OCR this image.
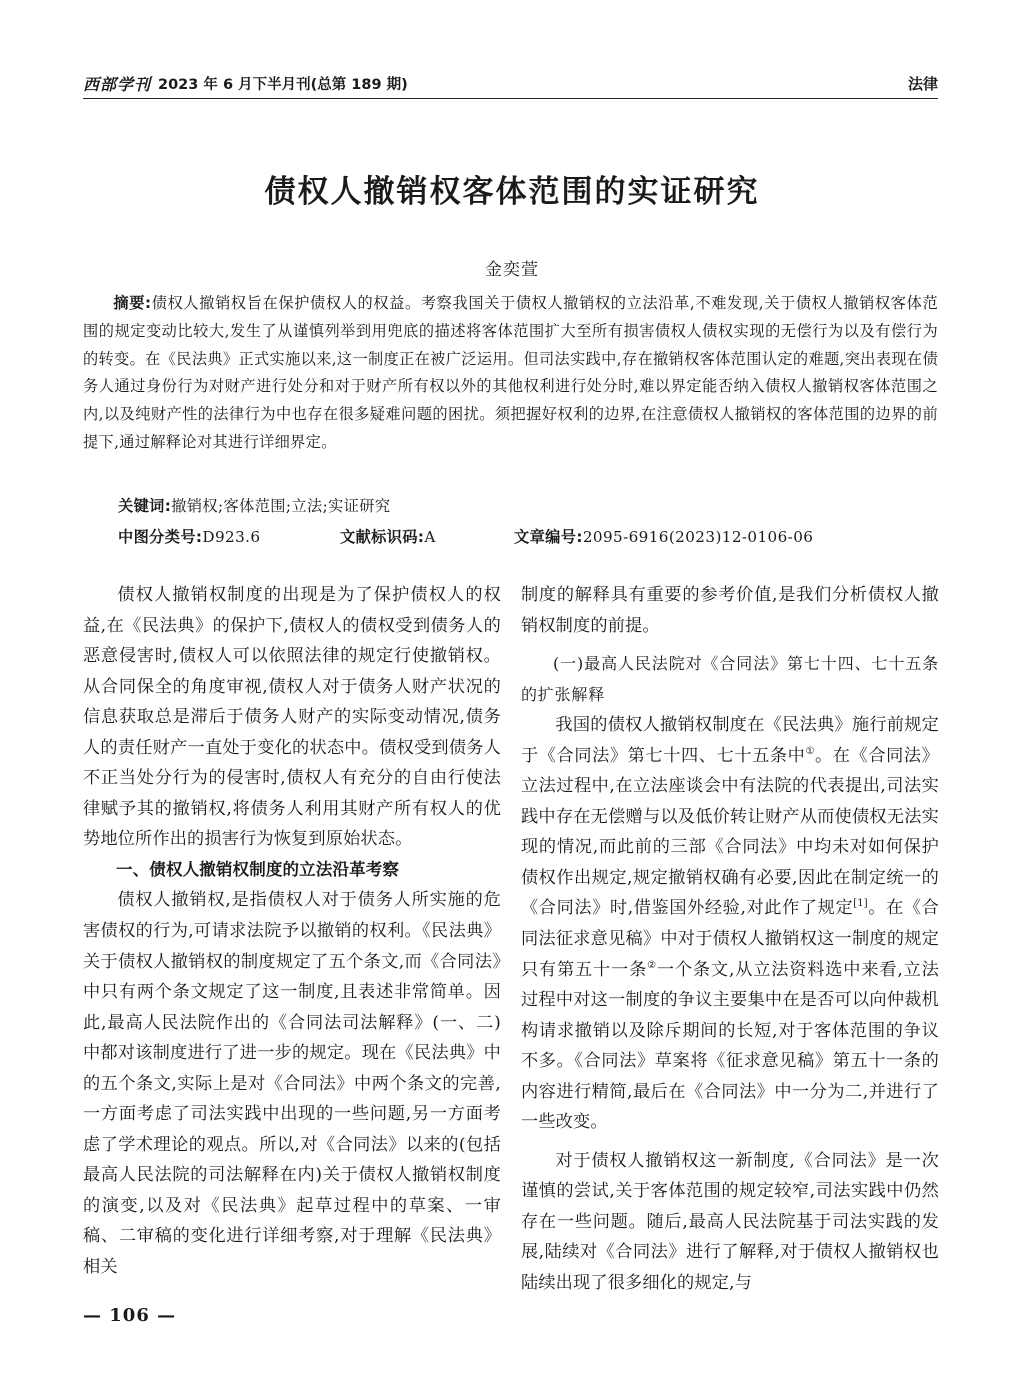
西部学刊 2023 年 6 月下半月刊(总第 189 期)	法律
债权人撤销权客体范围的实证研究
金奕萱
摘要:债权人撤销权旨在保护债权人的权益。考察我国关于债权人撤销权的立法沿革,不难发现,关于债权人撤销权客体范围的规定变动比较大,发生了从谨慎列举到用兜底的描述将客体范围扩大至所有损害债权人债权实现的无偿行为以及有偿行为的转变。在《民法典》正式实施以来,这一制度正在被广泛运用。但司法实践中,存在撤销权客体范围认定的难题,突出表现在债务人通过身份行为对财产进行处分和对于财产所有权以外的其他权利进行处分时,难以界定能否纳入债权人撤销权客体范围之内,以及纯财产性的法律行为中也存在很多疑难问题的困扰。须把握好权利的边界,在注意债权人撤销权的客体范围的边界的前提下,通过解释论对其进行详细界定。
关键词:撤销权;客体范围;立法;实证研究
中图分类号:D923.6	文献标识码:A	文章编号:2095-6916(2023)12-0106-06

债权人撤销权制度的出现是为了保护债权人的权益,在《民法典》的保护下,债权人的债权受到债务人的恶意侵害时,债权人可以依照法律的规定行使撤销权。从合同保全的角度审视,债权人对于债务人财产状况的信息获取总是滞后于债务人财产的实际变动情况,债务人的责任财产一直处于变化的状态中。债权受到债务人不正当处分行为的侵害时,债权人有充分的自由行使法律赋予其的撤销权,将债务人利用其财产所有权人的优势地位所作出的损害行为恢复到原始状态。

一、债权人撤销权制度的立法沿革考察

债权人撤销权,是指债权人对于债务人所实施的危害债权的行为,可请求法院予以撤销的权利。《民法典》关于债权人撤销权的制度规定了五个条文,而《合同法》中只有两个条文规定了这一制度,且表述非常简单。因此,最高人民法院作出的《合同法司法解释》(一、二)中都对该制度进行了进一步的规定。现在《民法典》中的五个条文,实际上是对《合同法》中两个条文的完善,一方面考虑了司法实践中出现的一些问题,另一方面考虑了学术理论的观点。所以,对《合同法》以来的(包括最高人民法院的司法解释在内)关于债权人撤销权制度的演变,以及对《民法典》起草过程中的草案、一审稿、二审稿的变化进行详细考察,对于理解《民法典》相关

制度的解释具有重要的参考价值,是我们分析债权人撤销权制度的前提。

(一)最高人民法院对《合同法》第七十四、七十五条的扩张解释

我国的债权人撤销权制度在《民法典》施行前规定于《合同法》第七十四、七十五条中①。在《合同法》立法过程中,在立法座谈会中有法院的代表提出,司法实践中存在无偿赠与以及低价转让财产从而使债权无法实现的情况,而此前的三部《合同法》中均未对如何保护债权作出规定,规定撤销权确有必要,因此在制定统一的《合同法》时,借鉴国外经验,对此作了规定[1]。在《合同法征求意见稿》中对于债权人撤销权这一制度的规定只有第五十一条②一个条文,从立法资料选中来看,立法过程中对这一制度的争议主要集中在是否可以向仲裁机构请求撤销以及除斥期间的长短,对于客体范围的争议不多。《合同法》草案将《征求意见稿》第五十一条的内容进行精简,最后在《合同法》中一分为二,并进行了一些改变。

对于债权人撤销权这一新制度,《合同法》是一次谨慎的尝试,关于客体范围的规定较窄,司法实践中仍然存在一些问题。随后,最高人民法院基于司法实践的发展,陆续对《合同法》进行了解释,对于债权人撤销权也陆续出现了很多细化的规定,与

— 106 —
